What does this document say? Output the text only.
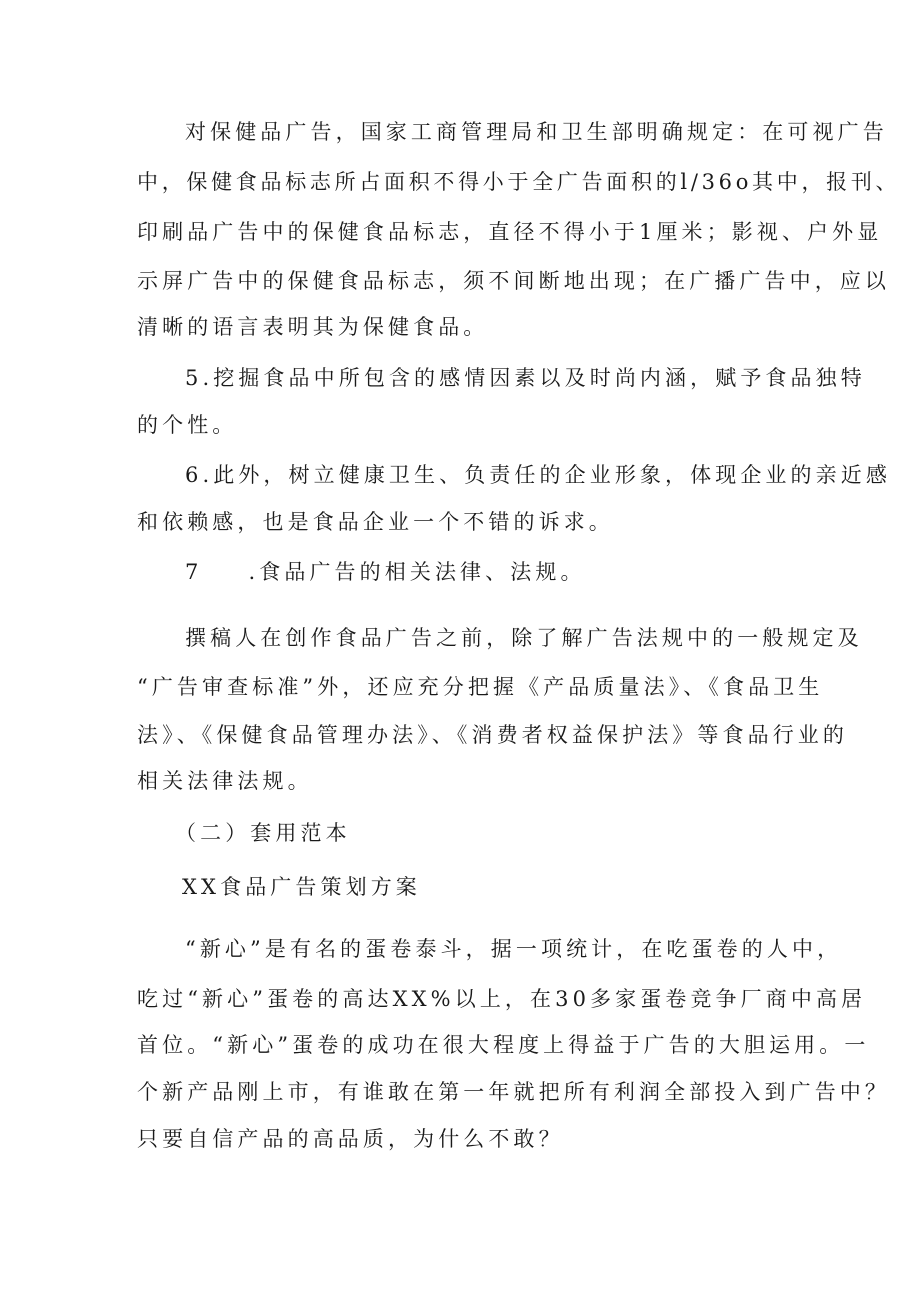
对保健品广告，国家工商管理局和卫生部明确规定：在可视广告
中，保健食品标志所占面积不得小于全广告面积的l/36o其中，报刊、
印刷品广告中的保健食品标志，直径不得小于1厘米；影视、户外显
示屏广告中的保健食品标志，须不间断地出现；在广播广告中，应以
清晰的语言表明其为保健食品。
5.挖掘食品中所包含的感情因素以及时尚内涵，赋予食品独特
的个性。
6.此外，树立健康卫生、负责任的企业形象，体现企业的亲近感
和依赖感，也是食品企业一个不错的诉求。
7 .食品广告的相关法律、法规。
撰稿人在创作食品广告之前，除了解广告法规中的一般规定及
“广告审查标准”外，还应充分把握《产品质量法》、《食品卫生
法》、《保健食品管理办法》、《消费者权益保护法》等食品行业的
相关法律法规。
（二）套用范本
XX食品广告策划方案
“新心”是有名的蛋卷泰斗，据一项统计，在吃蛋卷的人中，
吃过“新心”蛋卷的高达XX%以上，在30多家蛋卷竞争厂商中高居
首位。“新心”蛋卷的成功在很大程度上得益于广告的大胆运用。一
个新产品刚上市，有谁敢在第一年就把所有利润全部投入到广告中？
只要自信产品的高品质，为什么不敢？
